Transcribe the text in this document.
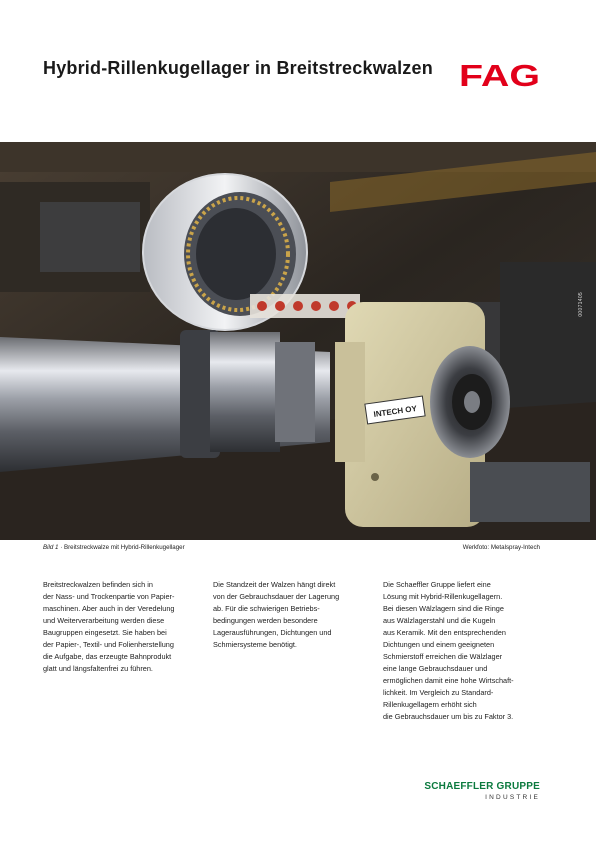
Hybrid-Rillenkugellager in Breitstreckwalzen FAG
INTECH OY
00071405
Bild 1 · Breitstreckwalze mit Hybrid-Rillenkugellager	Werkfoto: Metalspray-Intech

Breitstreckwalzen befinden sich in

der Nass- und Trockenpartie von Papier-

maschinen. Aber auch in der Veredelung

und Weiterverarbeitung werden diese

Baugruppen eingesetzt. Sie haben bei

der Papier-, Textil- und Folienherstellung

die Aufgabe, das erzeugte Bahnprodukt

glatt und längsfaltenfrei zu führen.

Die Standzeit der Walzen hängt direkt

von der Gebrauchsdauer der Lagerung

ab. Für die schwierigen Betriebs-

bedingungen werden besondere

Lagerausführungen, Dichtungen und

Schmiersysteme benötigt.

Die Schaeffler Gruppe liefert eine

Lösung mit Hybrid-Rillenkugellagern.

Bei diesen Wälzlagern sind die Ringe

aus Wälzlagerstahl und die Kugeln

aus Keramik. Mit den entsprechenden

Dichtungen und einem geeigneten

Schmierstoff erreichen die Wälzlager

eine lange Gebrauchsdauer und

ermöglichen damit eine hohe Wirtschaft-

lichkeit. Im Vergleich zu Standard-

Rillenkugellagern erhöht sich

die Gebrauchsdauer um bis zu Faktor 3.

SCHAEFFLER GRUPPE
INDUSTRIE
